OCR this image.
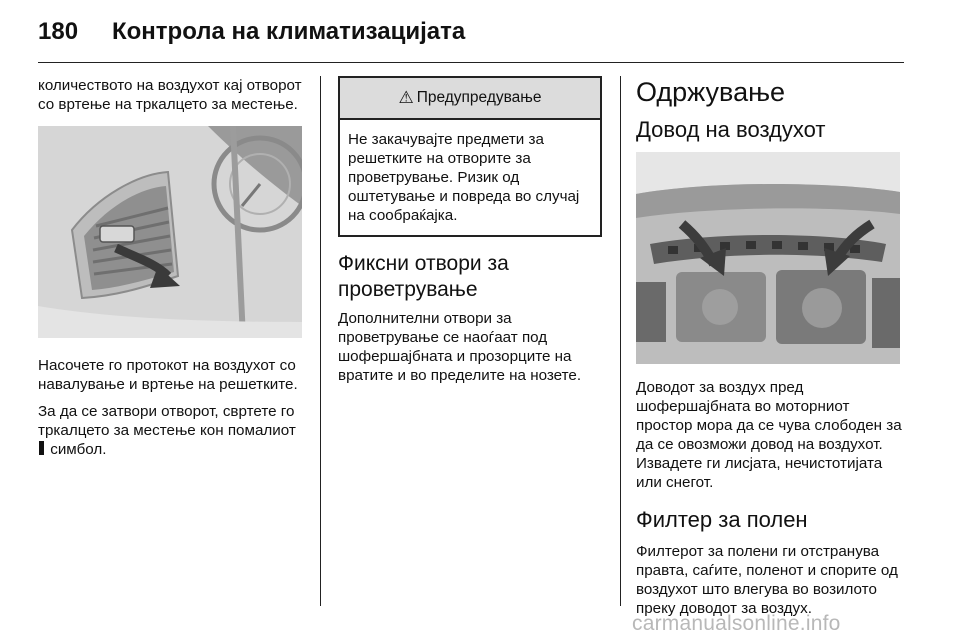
180 Контрола на климатизацијата

количеството на воздухот кај отворот со вртење на тркалцето за местење.

Насочете го протокот на воздухот со навалување и вртење на решетките.

За да се затвори отворот, свртете го тркалцето за местење кон помалиот  симбол.

⚠ Предупредување
Не закачувајте предмети за решетките на отворите за проветрување. Ризик од оштетување и повреда во случај на сообраќајка.
Фиксни отвори за проветрување

Дополнителни отвори за проветрување се наоѓаат под шофершајбната и прозорците на вратите и во пределите на нозете.

Одржување
Довод на воздухот

Доводот за воздух пред шофершајбната во моторниот простор мора да се чува слободен за да се овозможи довод на воздухот. Извадете ги лисјата, нечистотијата или снегот.

Филтер за полен

Филтерот за полени ги отстранува правта, саѓите, поленот и спорите од воздухот што влегува во возилото преку доводот за воздух.

carmanualsonline.info
